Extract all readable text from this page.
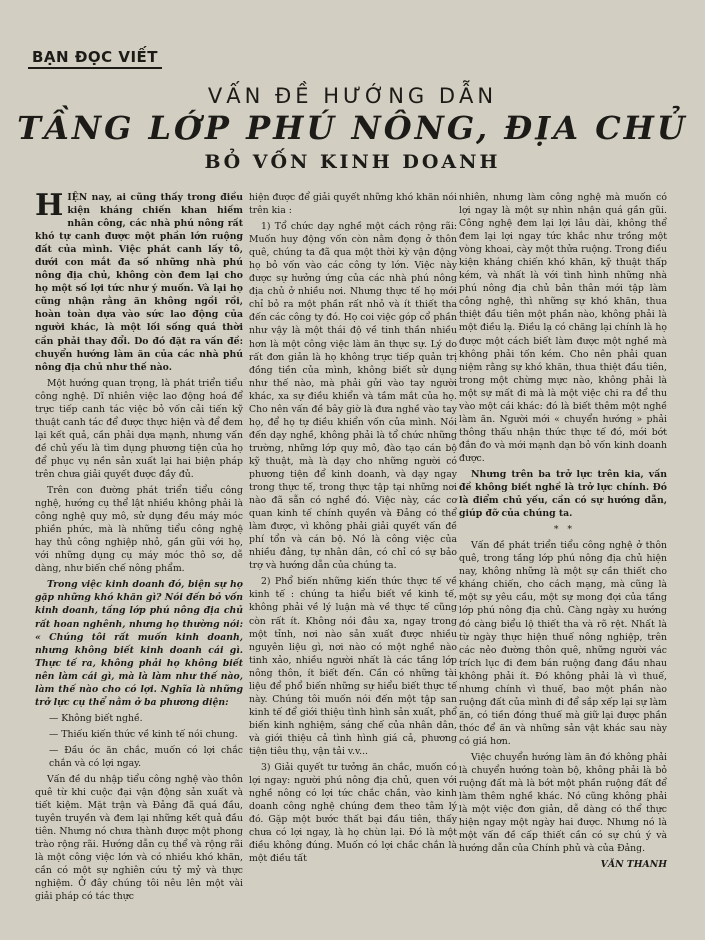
BẠN ĐỌC VIẾT
VẤN ĐỀ HƯỚNG DẪN
TẦNG LỚP PHÚ NÔNG, ĐỊA CHỦ
BỎ VỐN KINH DOANH

HIỆN nay, ai cũng thấy trong điều kiện kháng chiến khan hiếm nhân công, các nhà phú nông rất khó tự canh được một phần lớn ruộng đất của mình. Việc phát canh lấy tô, dưới con mắt đa số những nhà phú nông địa chủ, không còn đem lại cho họ một số lợi tức như ý muốn. Và lại họ cũng nhận rằng ăn không ngồi rồi, hoàn toàn dựa vào sức lao động của người khác, là một lối sống quá thời cần phải thay đổi. Do đó đặt ra vấn đề: chuyển hướng làm ăn của các nhà phú nông địa chủ như thế nào.

Một hướng quan trọng, là phát triển tiểu công nghệ. Dĩ nhiên việc lao động hoá để trực tiếp canh tác việc bỏ vốn cải tiến kỹ thuật canh tác để được thực hiện và để đem lại kết quả, cần phải dựa mạnh, nhưng vấn đề chủ yếu là tìm dụng phương tiện của họ để phục vụ nền sản xuất lại hai biện pháp trên chưa giải quyết được đầy đủ.

Trên con đường phát triển tiểu công nghệ, hướng cụ thể lật nhiều không phải là công nghệ quy mô, sử dụng đều máy móc phiền phức, mà là những tiểu công nghệ hay thủ công nghiệp nhỏ, gần gũi với họ, với những dụng cụ máy móc thô sơ, dễ dàng, như biến chế nông phẩm.

Trong việc kinh doanh đó, biện sự họ gặp những khó khăn gì? Nói đến bỏ vốn kinh doanh, tầng lớp phú nông địa chủ rất hoan nghênh, nhưng họ thường nói: « Chúng tôi rất muốn kinh doanh, nhưng không biết kinh doanh cái gì. Thực tế ra, không phải họ không biết nên làm cái gì, mà là làm như thế nào, làm thế nào cho có lợi. Nghĩa là những trở lực cụ thể nằm ở ba phương diện:

— Không biết nghề.

— Thiếu kiến thức về kinh tế nói chung.

— Đầu óc ăn chắc, muốn có lợi chắc chắn và có lợi ngay.

Vấn đề du nhập tiểu công nghệ vào thôn quê từ khi cuộc đại vận động sản xuất và tiết kiệm. Mặt trận và Đảng đã quá đầu, tuyên truyền và đem lại những kết quả đầu tiên. Nhưng nó chưa thành được một phong trào rộng rãi. Hướng dẫn cụ thể và rộng rãi là một công việc lớn và có nhiều khó khăn, cần có một sự nghiên cứu tỷ mỷ và thực nghiệm. Ở đây chúng tôi nêu lên một vài giải pháp có tác thực

hiện được để giải quyết những khó khăn nói trên kia :

1) Tổ chức dạy nghề một cách rộng rãi: Muốn huy động vốn còn nằm đọng ở thôn quê, chúng ta đã qua một thời kỳ vận động họ bỏ vốn vào các công ty lớn. Việc này được sự hưởng ứng của các nhà phú nông địa chủ ở nhiều nơi. Nhưng thực tế họ mới chỉ bỏ ra một phần rất nhỏ và ít thiết tha đến các công ty đó. Họ coi việc góp cổ phần như vậy là một thái độ về tinh thần nhiều hơn là một công việc làm ăn thực sự. Lý do rất đơn giản là họ không trực tiếp quản trị đồng tiền của mình, không biết sử dụng như thế nào, mà phải gửi vào tay người khác, xa sự điều khiển và tầm mắt của họ. Cho nên vấn đề bây giờ là đưa nghề vào tay họ, để họ tự điều khiển vốn của mình. Nói đến dạy nghề, không phải là tổ chức những trường, những lớp quy mô, đào tạo cán bộ kỹ thuật, mà là dạy cho những người có phương tiện để kinh doanh, và dạy ngay trong thực tế, trong thực tập tại những nơi nào đã sẵn có nghề đó. Việc này, các cơ quan kinh tế chính quyền và Đảng có thể làm được, vì không phải giải quyết vấn đề phí tổn và cán bộ. Nó là công việc của nhiều đảng, tự nhân dân, có chỉ có sự bảo trợ và hướng dẫn của chúng ta.

2) Phổ biến những kiến thức thực tế về kinh tế : chúng ta hiểu biết về kinh tế, không phải về lý luận mà về thực tế cũng còn rất ít. Không nói đâu xa, ngay trong một tỉnh, nơi nào sản xuất được nhiều nguyên liệu gì, nơi nào có một nghề nào tinh xảo, nhiều người nhất là các tầng lớp nông thôn, ít biết đến. Cần có những tài liệu để phổ biến những sự hiểu biết thực tế này. Chúng tôi muốn nói đến một tập san kinh tế để giới thiệu tình hình sản xuất, phổ biến kinh nghiệm, sáng chế của nhân dân, và giới thiệu cả tình hình giá cả, phương tiện tiêu thụ, vận tải v.v...

3) Giải quyết tư tưởng ăn chắc, muốn có lợi ngay: người phú nông địa chủ, quen với nghề nông có lợi tức chắc chắn, vào kinh doanh công nghệ chúng đem theo tâm lý đó. Gặp một bước thất bại đầu tiên, thấy chưa có lợi ngay, là họ chùn lại. Đó là một điều không đúng. Muốn có lợi chắc chắn là một điều tất

nhiên, nhưng làm công nghệ mà muốn có lợi ngay là một sự nhìn nhận quá gần gũi. Công nghệ đem lại lợi lâu dài, không thể đem lại lợi ngay tức khắc như trồng một vòng khoai, cày một thửa ruộng. Trong điều kiện kháng chiến khó khăn, kỹ thuật thấp kém, và nhất là với tình hình những nhà phú nông địa chủ bản thân mới tập làm công nghệ, thì những sự khó khăn, thua thiệt đầu tiên một phần nào, không phải là một điều lạ. Điều lạ có chăng lại chính là họ được một cách biết làm được một nghề mà không phải tốn kém. Cho nên phải quan niệm rằng sự khó khăn, thua thiệt đầu tiên, trong một chừng mực nào, không phải là một sự mất đi mà là một việc chi ra để thu vào một cái khác: đó là biết thêm một nghề làm ăn. Người mới « chuyển hướng » phải thông thấu nhận thức thực tế đó, mới bớt đắn đo và mới mạnh dạn bỏ vốn kinh doanh được.

Nhưng trên ba trở lực trên kia, vấn đề không biết nghề là trở lực chính. Đó là điểm chủ yếu, cần có sự hướng dẫn, giúp đỡ của chúng ta.

*   *

Vấn đề phát triển tiểu công nghệ ở thôn quê, trong tầng lớp phú nông địa chủ hiện nay, không những là một sự cần thiết cho kháng chiến, cho cách mạng, mà cũng là một sự yêu cầu, một sự mong đợi của tầng lớp phú nông địa chủ. Càng ngày xu hướng đó càng biểu lộ thiết tha và rõ rệt. Nhất là từ ngày thực hiện thuế nông nghiệp, trên các nẻo đường thôn quê, những người vác trích lục đi đem bán ruộng đang đầu nhau không phải ít. Đó không phải là vì thuế, nhưng chính vì thuế, bao một phần nào ruộng đất của mình đi để sắp xếp lại sự làm ăn, có tiền đóng thuế mà giữ lại được phần thóc để ăn và những sản vật khác sau này có giá hơn.

Việc chuyển hướng làm ăn đó không phải là chuyển hướng toàn bộ, không phải là bỏ ruộng đất mà là bớt một phần ruộng đất để làm thêm nghề khác. Nó cũng không phải là một việc đơn giản, dễ dàng có thể thực hiện ngay một ngày hai được. Nhưng nó là một vấn đề cấp thiết cần có sự chú ý và hướng dẫn của Chính phủ và của Đảng.

VĂN THANH
